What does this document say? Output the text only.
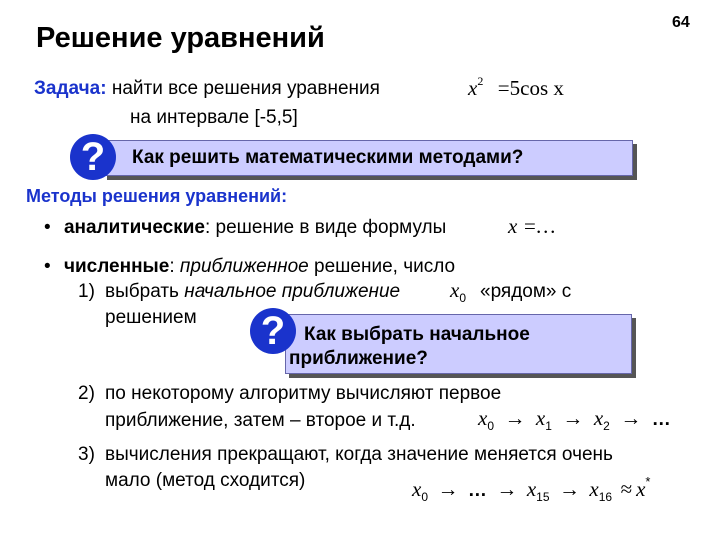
Решение уравнений	64
Задача: найти все решения уравнения	$x^2 =5\cos$ x
на интервале [-5,5]
Как решить математическими методами?
?
Методы решения уравнений:
• аналитические: решение в виде формулы	x =…
• численные: приближенное решение, число
1) выбрать начальное приближение $x_0$ «рядом» с
решением
Как выбрать начальное
приближение?
?
2) по некоторому алгоритму вычисляют первое
приближение, затем – второе и т.д.	$x_0 \to x_1 \to x_2$ → …
3) вычисления прекращают, когда значение меняется очень
мало (метод сходится)	$x_0$ → … → $x_{15} \to x_{16} \approx x^*$
